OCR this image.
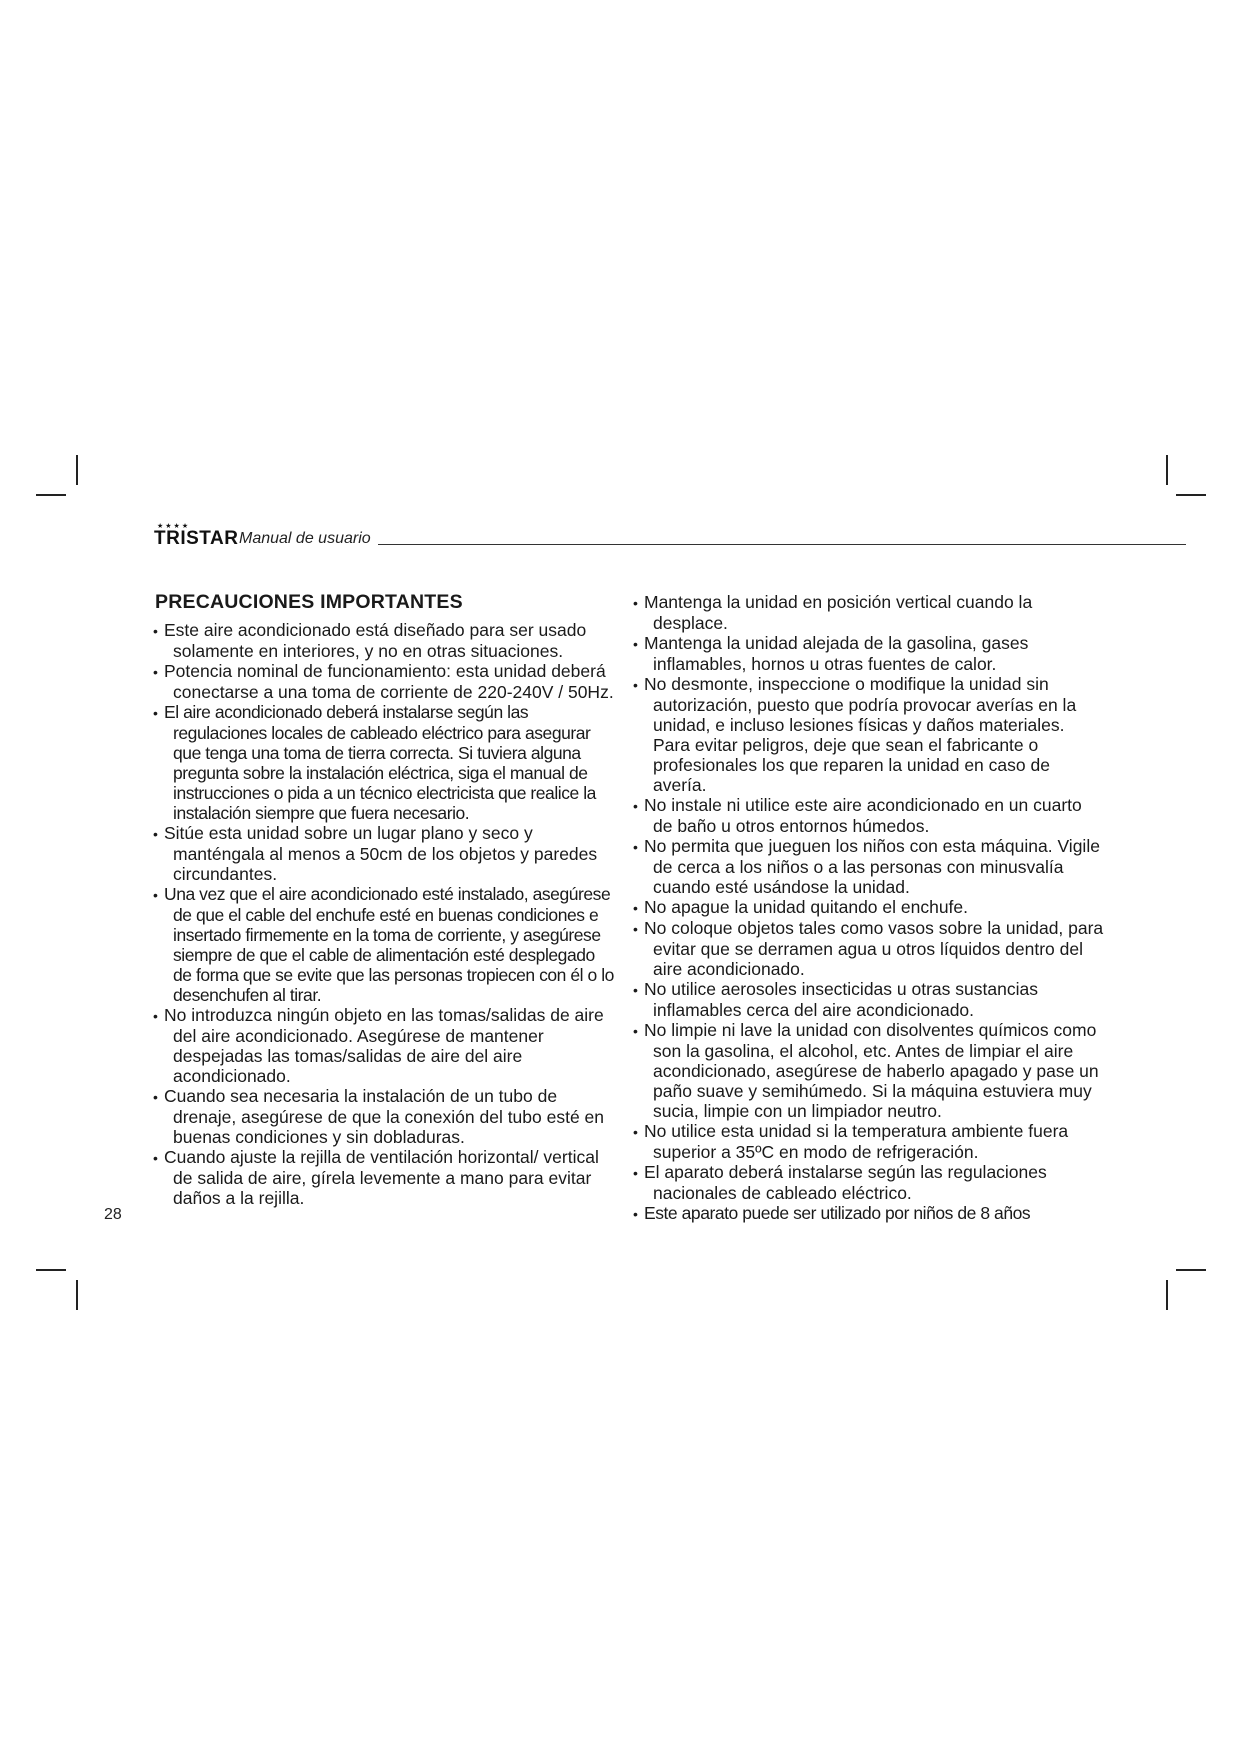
★★★★
TRISTAR Manual de usuario
PRECAUCIONES IMPORTANTES
• Este aire acondicionado está diseñado para ser usado solamente en interiores, y no en otras situaciones.
• Potencia nominal de funcionamiento: esta unidad deberá conectarse a una toma de corriente de 220-240V / 50Hz.
• El aire acondicionado deberá instalarse según las regulaciones locales de cableado eléctrico para asegurar que tenga una toma de tierra correcta. Si tuviera alguna pregunta sobre la instalación eléctrica, siga el manual de instrucciones o pida a un técnico electricista que realice la instalación siempre que fuera necesario.
• Sitúe esta unidad sobre un lugar plano y seco y manténgala al menos a 50cm de los objetos y paredes circundantes.
• Una vez que el aire acondicionado esté instalado, asegúrese de que el cable del enchufe esté en buenas condiciones e insertado firmemente en la toma de corriente, y asegúrese siempre de que el cable de alimentación esté desplegado de forma que se evite que las personas tropiecen con él o lo desenchufen al tirar.
• No introduzca ningún objeto en las tomas/salidas de aire del aire acondicionado. Asegúrese de mantener despejadas las tomas/salidas de aire del aire acondicionado.
• Cuando sea necesaria la instalación de un tubo de drenaje, asegúrese de que la conexión del tubo esté en buenas condiciones y sin dobladuras.
• Cuando ajuste la rejilla de ventilación horizontal/ vertical de salida de aire, gírela levemente a mano para evitar daños a la rejilla.
• Mantenga la unidad en posición vertical cuando la desplace.
• Mantenga la unidad alejada de la gasolina, gases inflamables, hornos u otras fuentes de calor.
• No desmonte, inspeccione o modifique la unidad sin autorización, puesto que podría provocar averías en la unidad, e incluso lesiones físicas y daños materiales. Para evitar peligros, deje que sean el fabricante o profesionales los que reparen la unidad en caso de avería.
• No instale ni utilice este aire acondicionado en un cuarto de baño u otros entornos húmedos.
• No permita que jueguen los niños con esta máquina. Vigile de cerca a los niños o a las personas con minusvalía cuando esté usándose la unidad.
• No apague la unidad quitando el enchufe.
• No coloque objetos tales como vasos sobre la unidad, para evitar que se derramen agua u otros líquidos dentro del aire acondicionado.
• No utilice aerosoles insecticidas u otras sustancias inflamables cerca del aire acondicionado.
• No limpie ni lave la unidad con disolventes químicos como son la gasolina, el alcohol, etc. Antes de limpiar el aire acondicionado, asegúrese de haberlo apagado y pase un paño suave y semihúmedo. Si la máquina estuviera muy sucia, limpie con un limpiador neutro.
• No utilice esta unidad si la temperatura ambiente fuera superior a 35ºC en modo de refrigeración.
• El aparato deberá instalarse según las regulaciones nacionales de cableado eléctrico.
• Este aparato puede ser utilizado por niños de 8 años
28
